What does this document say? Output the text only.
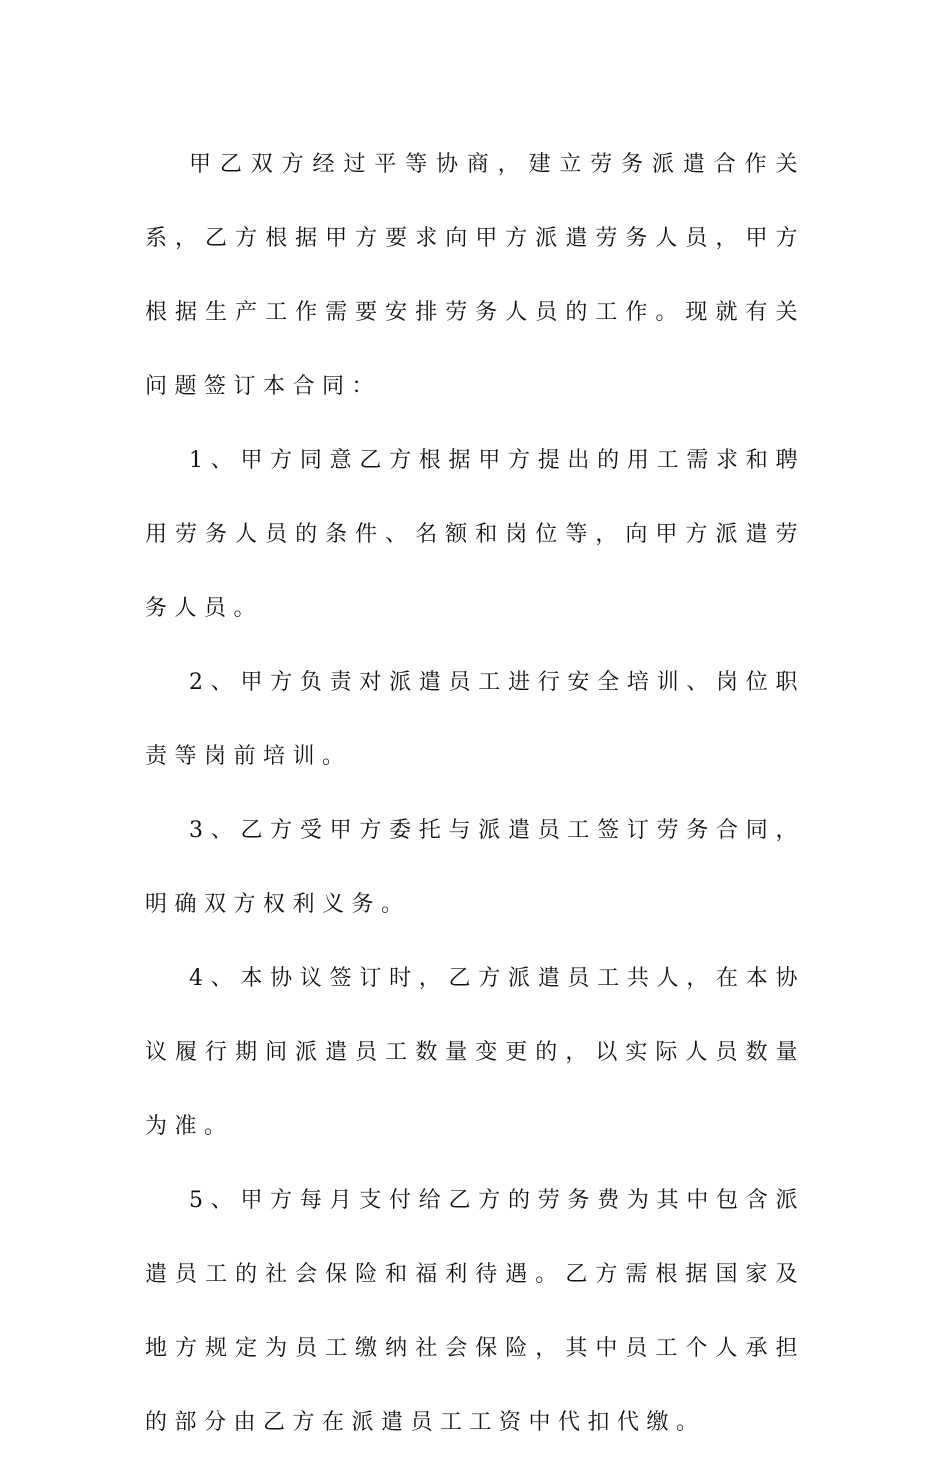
甲乙双方经过平等协商，建立劳务派遣合作关系，乙方根据甲方要求向甲方派遣劳务人员，甲方根据生产工作需要安排劳务人员的工作。现就有关问题签订本合同：

1、甲方同意乙方根据甲方提出的用工需求和聘用劳务人员的条件、名额和岗位等，向甲方派遣劳务人员。

2、甲方负责对派遣员工进行安全培训、岗位职责等岗前培训。

3、乙方受甲方委托与派遣员工签订劳务合同，明确双方权利义务。

4、本协议签订时，乙方派遣员工共人，在本协议履行期间派遣员工数量变更的，以实际人员数量为准。

5、甲方每月支付给乙方的劳务费为其中包含派遣员工的社会保险和福利待遇。乙方需根据国家及地方规定为员工缴纳社会保险，其中员工个人承担的部分由乙方在派遣员工工资中代扣代缴。
